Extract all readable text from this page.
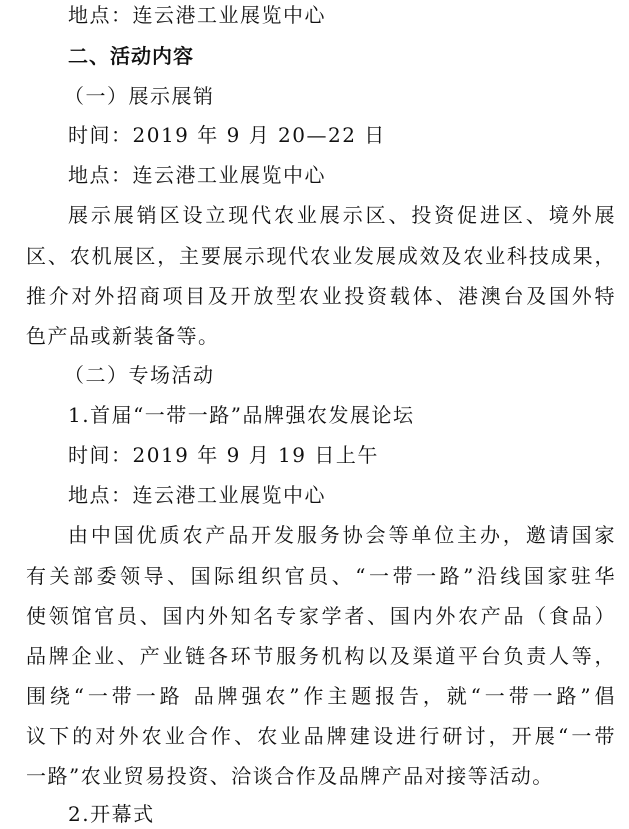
地点：连云港工业展览中心
二、活动内容
（一）展示展销
时间：2019 年 9 月 20—22 日
地点：连云港工业展览中心
展示展销区设立现代农业展示区、投资促进区、境外展
区、农机展区，主要展示现代农业发展成效及农业科技成果，
推介对外招商项目及开放型农业投资载体、港澳台及国外特
色产品或新装备等。
（二）专场活动
1.首届“一带一路”品牌强农发展论坛
时间：2019 年 9 月 19 日上午
地点：连云港工业展览中心
由中国优质农产品开发服务协会等单位主办，邀请国家
有关部委领导、国际组织官员、“一带一路”沿线国家驻华
使领馆官员、国内外知名专家学者、国内外农产品（食品）
品牌企业、产业链各环节服务机构以及渠道平台负责人等，
围绕“一带一路 品牌强农”作主题报告，就“一带一路”倡
议下的对外农业合作、农业品牌建设进行研讨，开展“一带
一路”农业贸易投资、洽谈合作及品牌产品对接等活动。
2.开幕式
